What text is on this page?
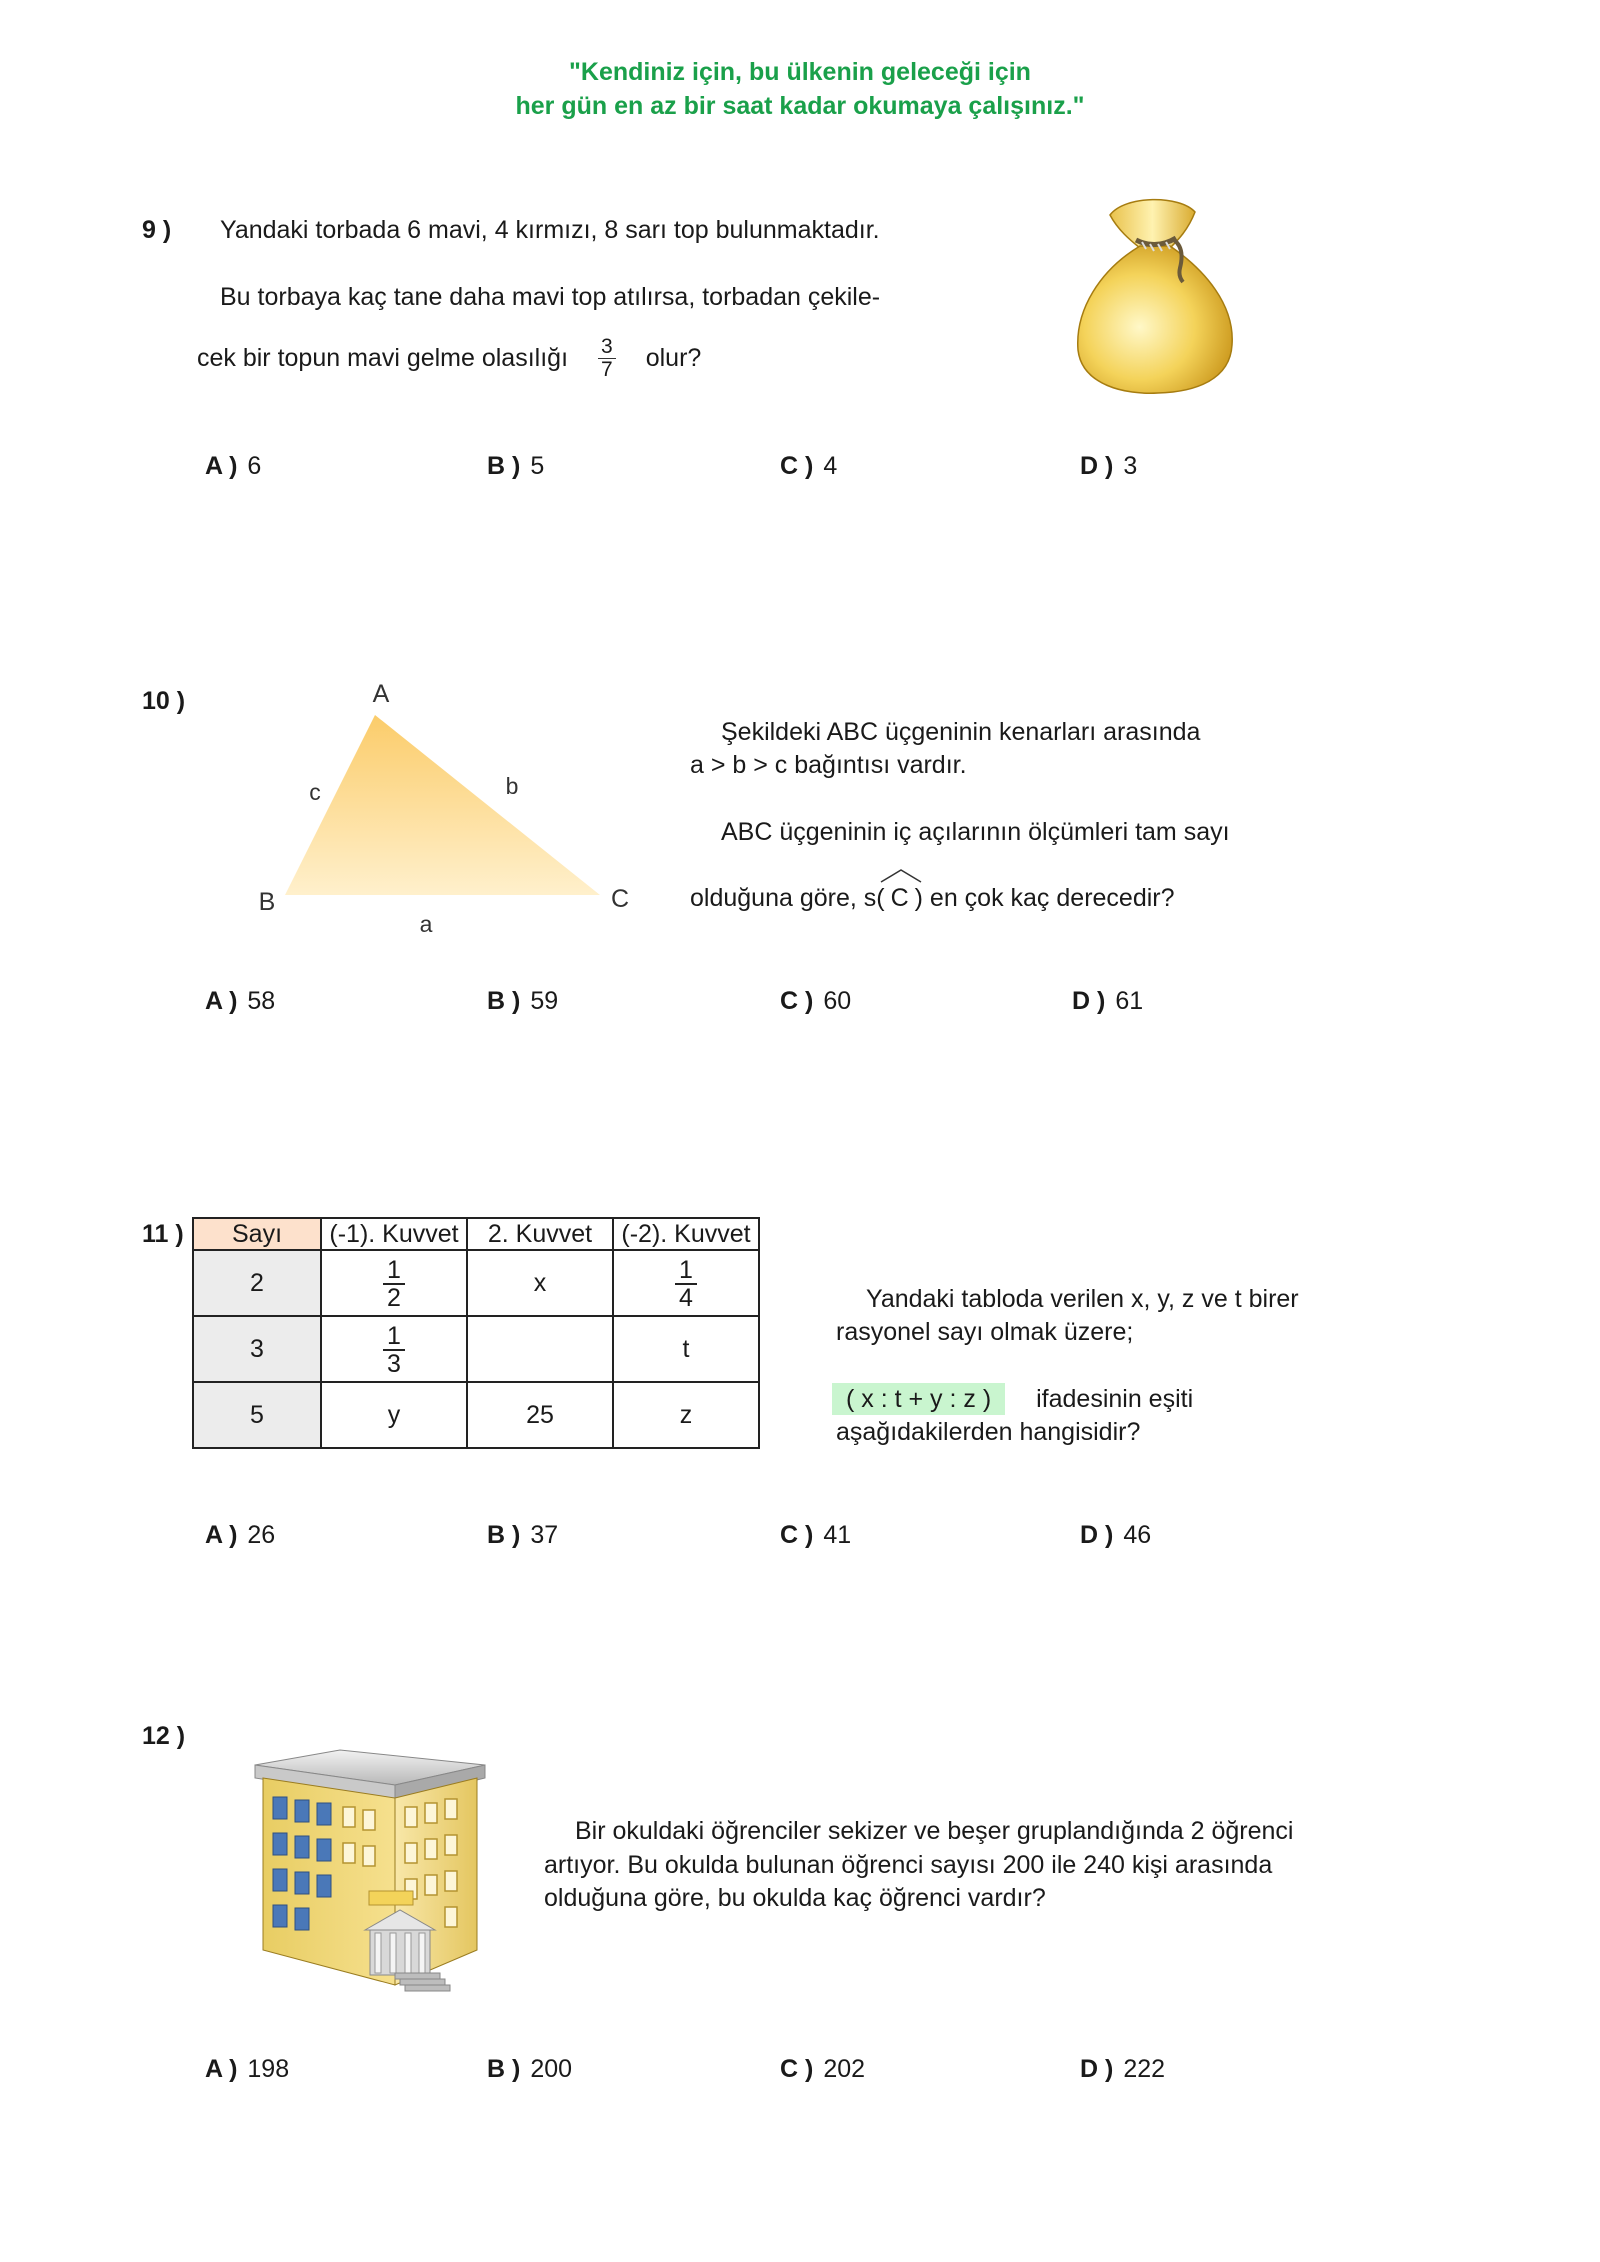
"Kendiniz için, bu ülkenin geleceği için
her gün en az bir saat kadar okumaya çalışınız."
9 ) Yandaki torbada 6 mavi, 4 kırmızı, 8 sarı top bulunmaktadır.
Bu torbaya kaç tane daha mavi top atılırsa, torbadan çekile-
cek bir topun mavi gelme olasılığı $\frac{3}{7}$ olur?
A ) 6	B ) 5	C ) 4	D ) 3
10 )	A
B	C
a
b
c
Şekildeki ABC üçgeninin kenarları arasında
a > b > c bağıntısı vardır.
ABC üçgeninin iç açılarının ölçümleri tam sayı
olduğuna göre, s( C ) en çok kaç derecedir?
A ) 58	B ) 59	C ) 60	D ) 61
11 ) Sayı	(-1). Kuvvet	2. Kuvvet	(-2). Kuvvet
2	$\frac{1}{2}$	x	$\frac{1}{4}$

3	$\frac{1}{3}$		t
5	y	25	z
Yandaki tabloda verilen x, y, z ve t birer
rasyonel sayı olmak üzere;
( x : t + y : z ) ifadesinin eşiti
aşağıdakilerden hangisidir?
A ) 26	B ) 37	C ) 41	D ) 46
12 )
Bir okuldaki öğrenciler sekizer ve beşer gruplandığında 2 öğrenci
artıyor. Bu okulda bulunan öğrenci sayısı 200 ile 240 kişi arasında
olduğuna göre, bu okulda kaç öğrenci vardır?
A ) 198	B ) 200	C ) 202	D ) 222
